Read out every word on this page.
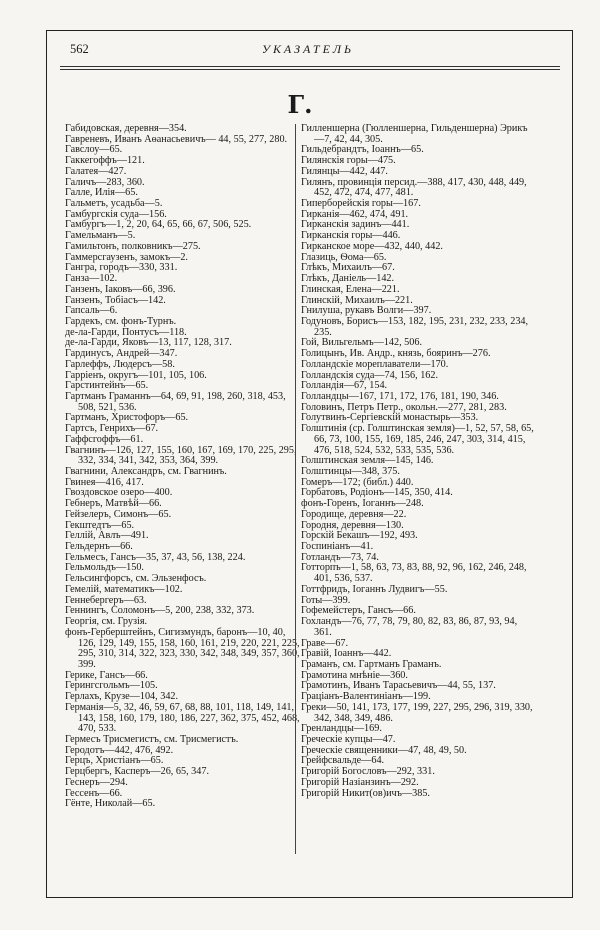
562	УКАЗАТЕЛЬ
Г.
Габидовская, деревня—354.
Гавреневъ, Иванъ Аѳанасьевичъ— 44, 55, 277, 280.
Гавслоу—65.
Гаккегоффъ—121.
Галатея—427.
Галичъ—283, 360.
Галле, Илія—65.
Гальметъ, усадьба—5.
Гамбургскія суда—156.
Гамбургъ—1, 2, 20, 64, 65, 66, 67, 506, 525.
Гамельманъ—5.
Гамильтонъ, полковникъ—275.
Гаммерсгаузенъ, замокъ—2.
Гангра, городъ—330, 331.
Ганза—102.
Ганзенъ, Іаковъ—66, 396.
Ганзенъ, Тобіасъ—142.
Гапсаль—6.
Гардекъ, см. фонъ-Турнъ.
де-ла-Гарди, Понтусъ—118.
де-ла-Гарди, Яковъ—13, 117, 128, 317.
Гардинусъ, Андрей—347.
Гарлеффъ, Людерсъ—58.
Гарріенъ, округъ—101, 105, 106.
Гарстинтейнъ—65.
Гартманъ Граманнъ—64, 69, 91, 198, 260, 318, 453, 508, 521, 536.
Гартманъ, Христофоръ—65.
Гартсъ, Генрихъ—67.
Гаффсгоффъ—61.
Гвагнинъ—126, 127, 155, 160, 167, 169, 170, 225, 295, 332, 334, 341, 342, 353, 364, 399.
Гвагнини, Александръ, см. Гвагнинъ.
Гвинея—416, 417.
Гвоздовское озеро—400.
Гебнеръ, Матвѣй—66.
Гейзелеръ, Симонъ—65.
Гекштедтъ—65.
Геллій, Авлъ—491.
Гельдернъ—66.
Гельмесъ, Гансъ—35, 37, 43, 56, 138, 224.
Гельмольдъ—150.
Гельсингфорсъ, см. Эльзенфосъ.
Гемелій, математикъ—102.
Геннебергеръ—63.
Геннингъ, Соломонъ—5, 200, 238, 332, 373.
Георгія, см. Грузія.
фонъ-Герберштейнъ, Сигизмундъ, баронъ—10, 40, 126, 129, 149, 155, 158, 160, 161, 219, 220, 221, 225, 295, 310, 314, 322, 323, 330, 342, 348, 349, 357, 360, 399.
Герике, Гансъ—66.
Герингсгольмъ—105.
Герлахъ, Крузе—104, 342.
Германія—5, 32, 46, 59, 67, 68, 88, 101, 118, 149, 141, 143, 158, 160, 179, 180, 186, 227, 362, 375, 452, 468, 470, 533.
Гермесъ Трисмегистъ, см. Трисмегистъ.
Геродотъ—442, 476, 492.
Герцъ, Христіанъ—65.
Герцбергъ, Касперъ—26, 65, 347.
Геснеръ—294.
Гессенъ—66.
Гёнте, Николай—65.
Гилленшерна (Гюлленшерна, Гильденшерна) Эрикъ—7, 42, 44, 305.
Гильдебрандтъ, Іоаннъ—65.
Гилянскія горы—475.
Гилянцы—442, 447.
Гилянъ, провинція персид.—388, 417, 430, 448, 449, 452, 472, 474, 477, 481.
Гиперборейскія горы—167.
Гирканія—462, 474, 491.
Гирканскія задинъ—441.
Гирканскія горы—446.
Гирканское море—432, 440, 442.
Глазиць, Ѳома—65.
Глѣкъ, Михаилъ—67.
Глѣкъ, Даніель—142.
Глинская, Елена—221.
Глинскій, Михаилъ—221.
Гнилуша, рукавъ Волги—397.
Годуновъ, Борисъ—153, 182, 195, 231, 232, 233, 234, 235.
Гой, Вильгельмъ—142, 506.
Голицынъ, Ив. Андр., князь, бояринъ—276.
Голландскіе мореплаватели—170.
Голландскія суда—74, 156, 162.
Голландія—67, 154.
Голландцы—167, 171, 172, 176, 181, 190, 346.
Головинъ, Петръ Петр., окольн.—277, 281, 283.
Голутвинъ-Сергіевскій монастырь—353.
Голштинія (ср. Голштинская земля)—1, 52, 57, 58, 65, 66, 73, 100, 155, 169, 185, 246, 247, 303, 314, 415, 476, 518, 524, 532, 533, 535, 536.
Голштинская земля—145, 146.
Голштинцы—348, 375.
Гомеръ—172; (библ.) 440.
Горбатовъ, Родіонъ—145, 350, 414.
фонъ-Горенъ, Іоганнъ—248.
Городище, деревня—22.
Городня, деревня—130.
Горскій Бекашъ—192, 493.
Госпиніанъ—41.
Готландъ—73, 74.
Готторпъ—1, 58, 63, 73, 83, 88, 92, 96, 162, 246, 248, 401, 536, 537.
Готтфридъ, Іоганнъ Лудвигъ—55.
Готы—399.
Гофемейстеръ, Гансъ—66.
Гохландъ—76, 77, 78, 79, 80, 82, 83, 86, 87, 93, 94, 361.
Граве—67.
Гравій, Іоаннъ—442.
Граманъ, см. Гартманъ Граманъ.
Грамотина мнѣніе—360.
Грамотинъ, Иванъ Тарасьевичъ—44, 55, 137.
Граціанъ-Валентиніанъ—199.
Греки—50, 141, 173, 177, 199, 227, 295, 296, 319, 330, 342, 348, 349, 486.
Гренландцы—169.
Греческіе купцы—47.
Греческіе священники—47, 48, 49, 50.
Грейфсвальде—64.
Григорій Богословъ—292, 331.
Григорій Назіанзинъ—292.
Григорій Никит(ов)ичъ—385.
